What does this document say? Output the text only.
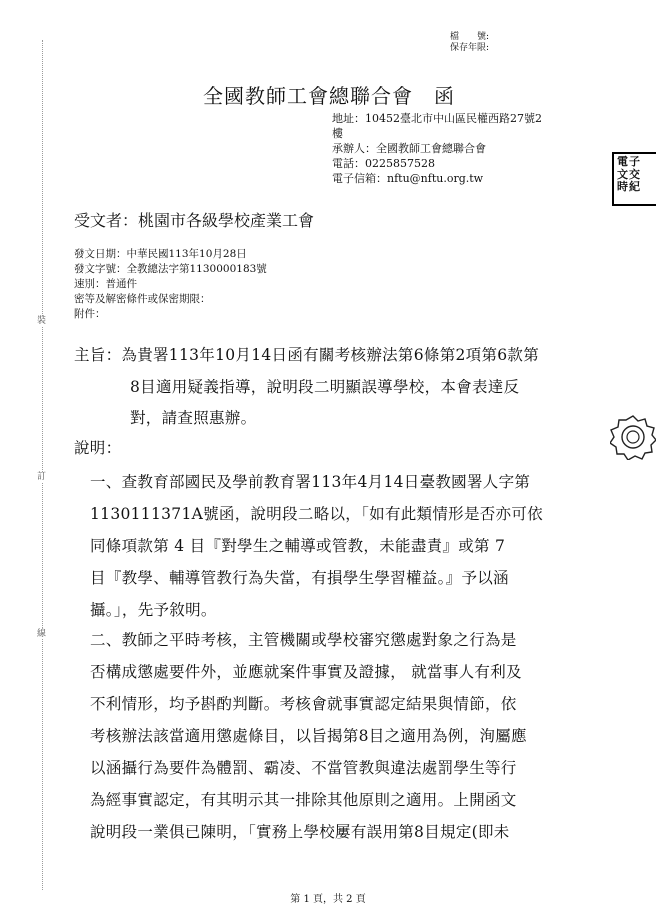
裝
訂
線
檔　　號:
保存年限:
全國教師工會總聯合會　函
地址：10452臺北市中山區民權西路27號2
樓
承辦人：全國教師工會總聯合會
電話：0225857528
電子信箱：nftu@nftu.org.tw
電子
文交
時紀
受文者：桃園市各級學校產業工會
發文日期：中華民國113年10月28日
發文字號：全教總法字第1130000183號
速別：普通件
密等及解密條件或保密期限：
附件：
主旨：為貴署113年10月14日函有關考核辦法第6條第2項第6款第
8目適用疑義指導，說明段二明顯誤導學校，本會表達反
對，請查照惠辦。
說明：
一、查教育部國民及學前教育署113年4月14日臺教國署人字第
1130111371A號函，說明段二略以，「如有此類情形是否亦可依
同條項款第 4 目『對學生之輔導或管教，未能盡責』或第 7
目『教學、輔導管教行為失當，有損學生學習權益。』予以涵
攝。」，先予敘明。
二、教師之平時考核，主管機關或學校審究懲處對象之行為是
否構成懲處要件外，並應就案件事實及證據， 就當事人有利及
不利情形，均予斟酌判斷。考核會就事實認定結果與情節，依
考核辦法該當適用懲處條目，以旨揭第8目之適用為例，洵屬應
以涵攝行為要件為體罰、霸凌、不當管教與違法處罰學生等行
為經事實認定，有其明示其一排除其他原則之適用。上開函文
說明段一業俱已陳明，「實務上學校屢有誤用第8目規定(即未
第 1 頁，共 2 頁
